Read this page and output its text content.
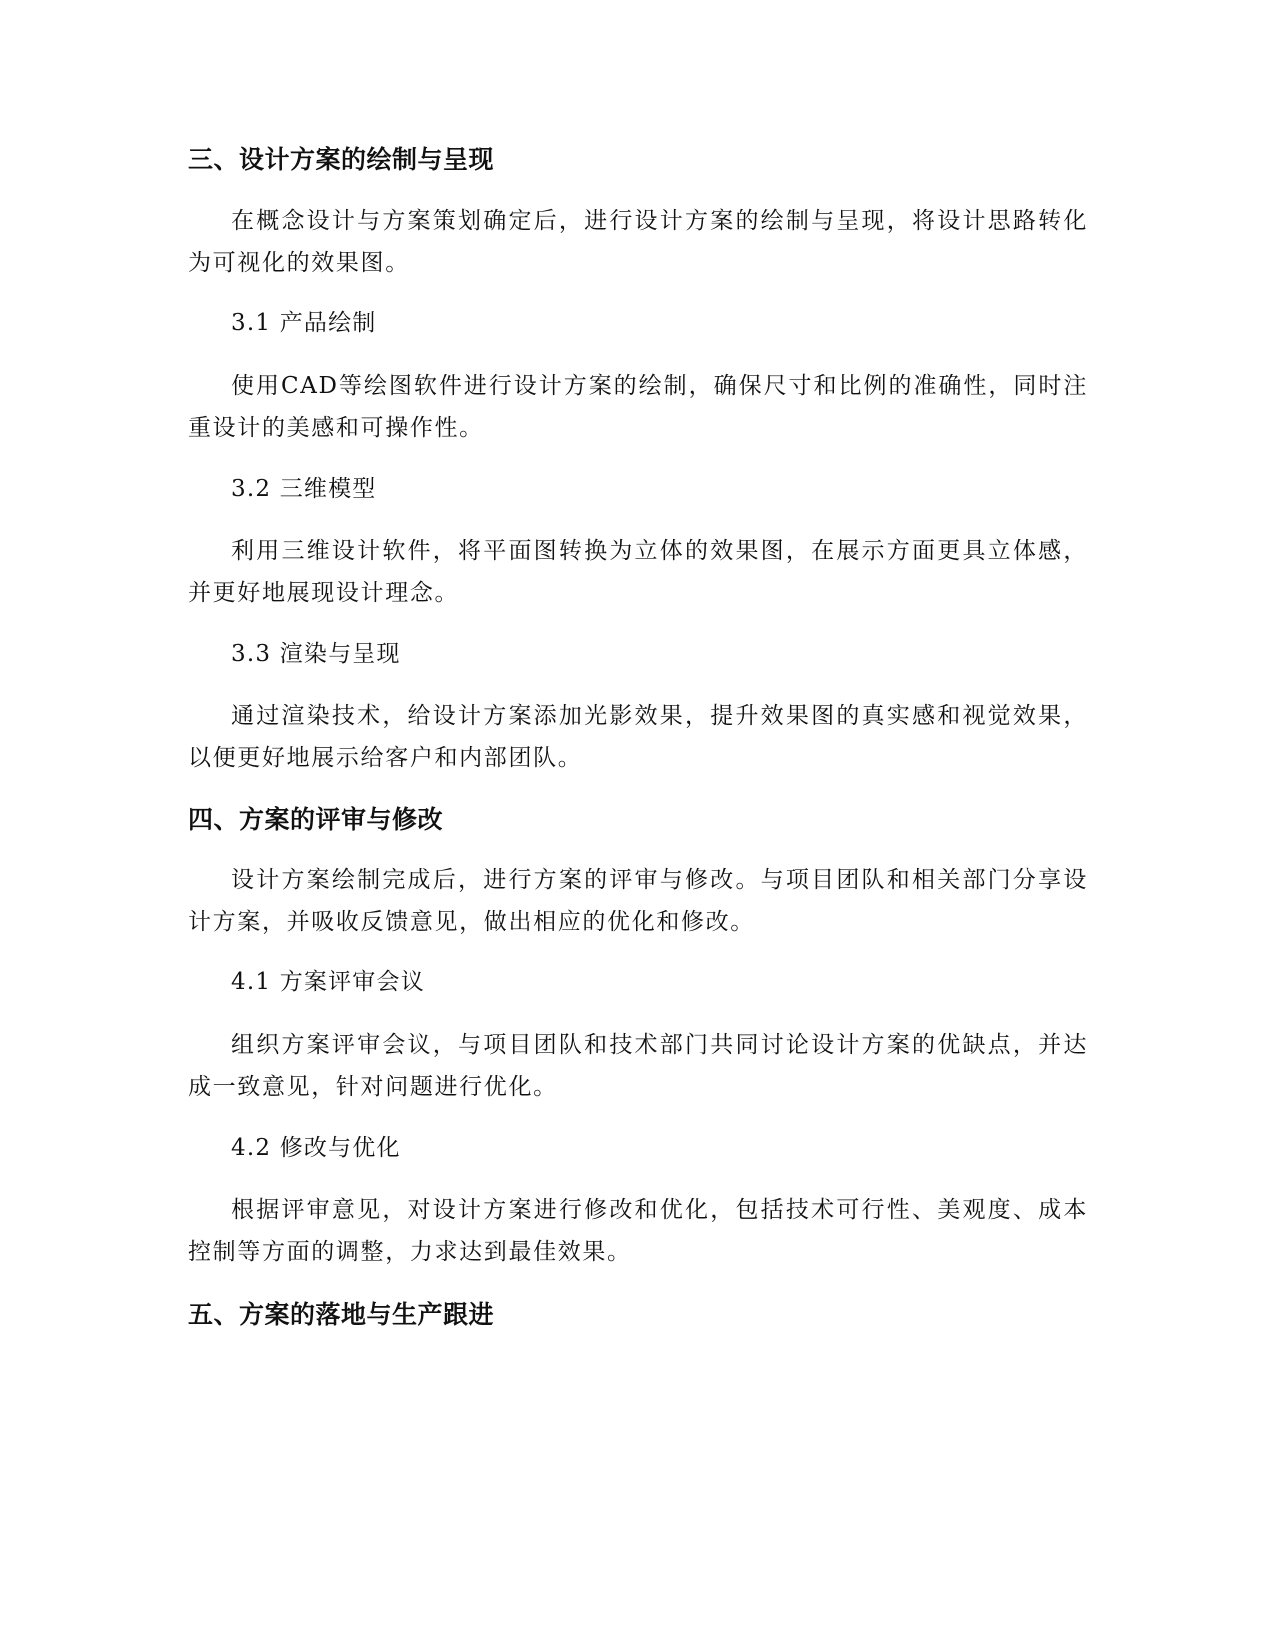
三、设计方案的绘制与呈现
在概念设计与方案策划确定后，进行设计方案的绘制与呈现，将设计思路转化为可视化的效果图。
3.1 产品绘制
使用CAD等绘图软件进行设计方案的绘制，确保尺寸和比例的准确性，同时注重设计的美感和可操作性。
3.2 三维模型
利用三维设计软件，将平面图转换为立体的效果图，在展示方面更具立体感，并更好地展现设计理念。
3.3 渲染与呈现
通过渲染技术，给设计方案添加光影效果，提升效果图的真实感和视觉效果，以便更好地展示给客户和内部团队。
四、方案的评审与修改
设计方案绘制完成后，进行方案的评审与修改。与项目团队和相关部门分享设计方案，并吸收反馈意见，做出相应的优化和修改。
4.1 方案评审会议
组织方案评审会议，与项目团队和技术部门共同讨论设计方案的优缺点，并达成一致意见，针对问题进行优化。
4.2 修改与优化
根据评审意见，对设计方案进行修改和优化，包括技术可行性、美观度、成本控制等方面的调整，力求达到最佳效果。
五、方案的落地与生产跟进
